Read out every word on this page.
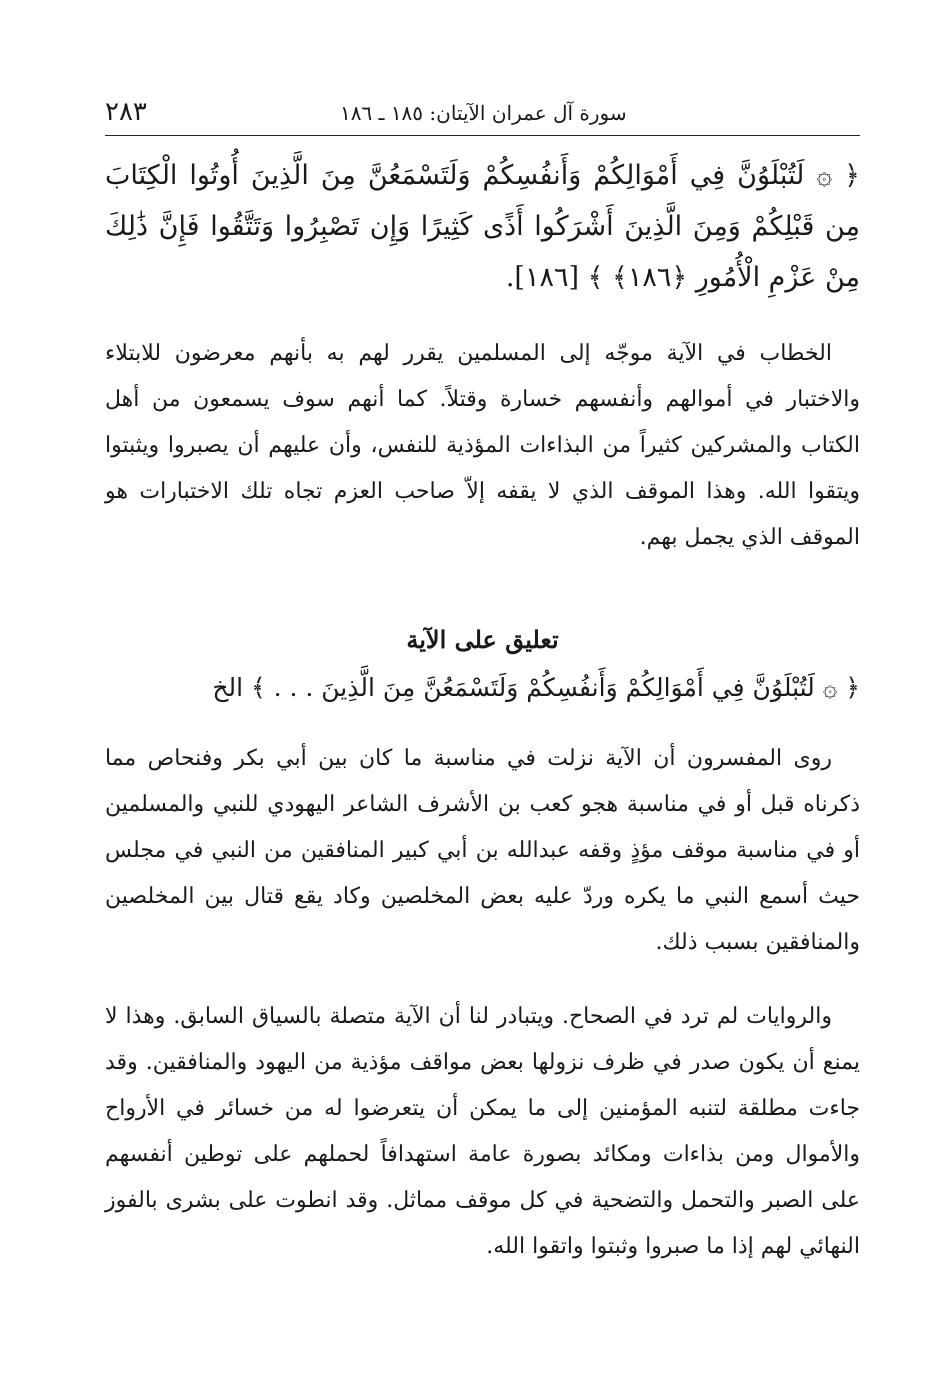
٢٨٣	سورة آل عمران الآيتان: ١٨٥ ـ ١٨٦
﴿ ۞ لَتُبْلَوُنَّ فِي أَمْوَالِكُمْ وَأَنفُسِكُمْ وَلَتَسْمَعُنَّ مِنَ الَّذِينَ أُوتُوا الْكِتَابَ مِن قَبْلِكُمْ وَمِنَ الَّذِينَ أَشْرَكُوا أَذًى كَثِيرًا وَإِن تَصْبِرُوا وَتَتَّقُوا فَإِنَّ ذَٰلِكَ مِنْ عَزْمِ الْأُمُورِ ﴿١٨٦﴾ ﴾ [١٨٦].

الخطاب في الآية موجّه إلى المسلمين يقرر لهم به بأنهم معرضون للابتلاء والاختبار في أموالهم وأنفسهم خسارة وقتلاً. كما أنهم سوف يسمعون من أهل الكتاب والمشركين كثيراً من البذاءات المؤذية للنفس، وأن عليهم أن يصبروا ويثبتوا ويتقوا الله. وهذا الموقف الذي لا يقفه إلاّ صاحب العزم تجاه تلك الاختبارات هو الموقف الذي يجمل بهم.

تعليق على الآية
﴿ ۞ لَتُبْلَوُنَّ فِي أَمْوَالِكُمْ وَأَنفُسِكُمْ وَلَتَسْمَعُنَّ مِنَ الَّذِينَ . . . ﴾ الخ

روى المفسرون أن الآية نزلت في مناسبة ما كان بين أبي بكر وفنحاص مما ذكرناه قبل أو في مناسبة هجو كعب بن الأشرف الشاعر اليهودي للنبي والمسلمين أو في مناسبة موقف مؤذٍ وقفه عبدالله بن أبي كبير المنافقين من النبي في مجلس حيث أسمع النبي ما يكره وردّ عليه بعض المخلصين وكاد يقع قتال بين المخلصين والمنافقين بسبب ذلك.

والروايات لم ترد في الصحاح. ويتبادر لنا أن الآية متصلة بالسياق السابق. وهذا لا يمنع أن يكون صدر في ظرف نزولها بعض مواقف مؤذية من اليهود والمنافقين. وقد جاءت مطلقة لتنبه المؤمنين إلى ما يمكن أن يتعرضوا له من خسائر في الأرواح والأموال ومن بذاءات ومكائد بصورة عامة استهدافاً لحملهم على توطين أنفسهم على الصبر والتحمل والتضحية في كل موقف مماثل. وقد انطوت على بشرى بالفوز النهائي لهم إذا ما صبروا وثبتوا واتقوا الله.
